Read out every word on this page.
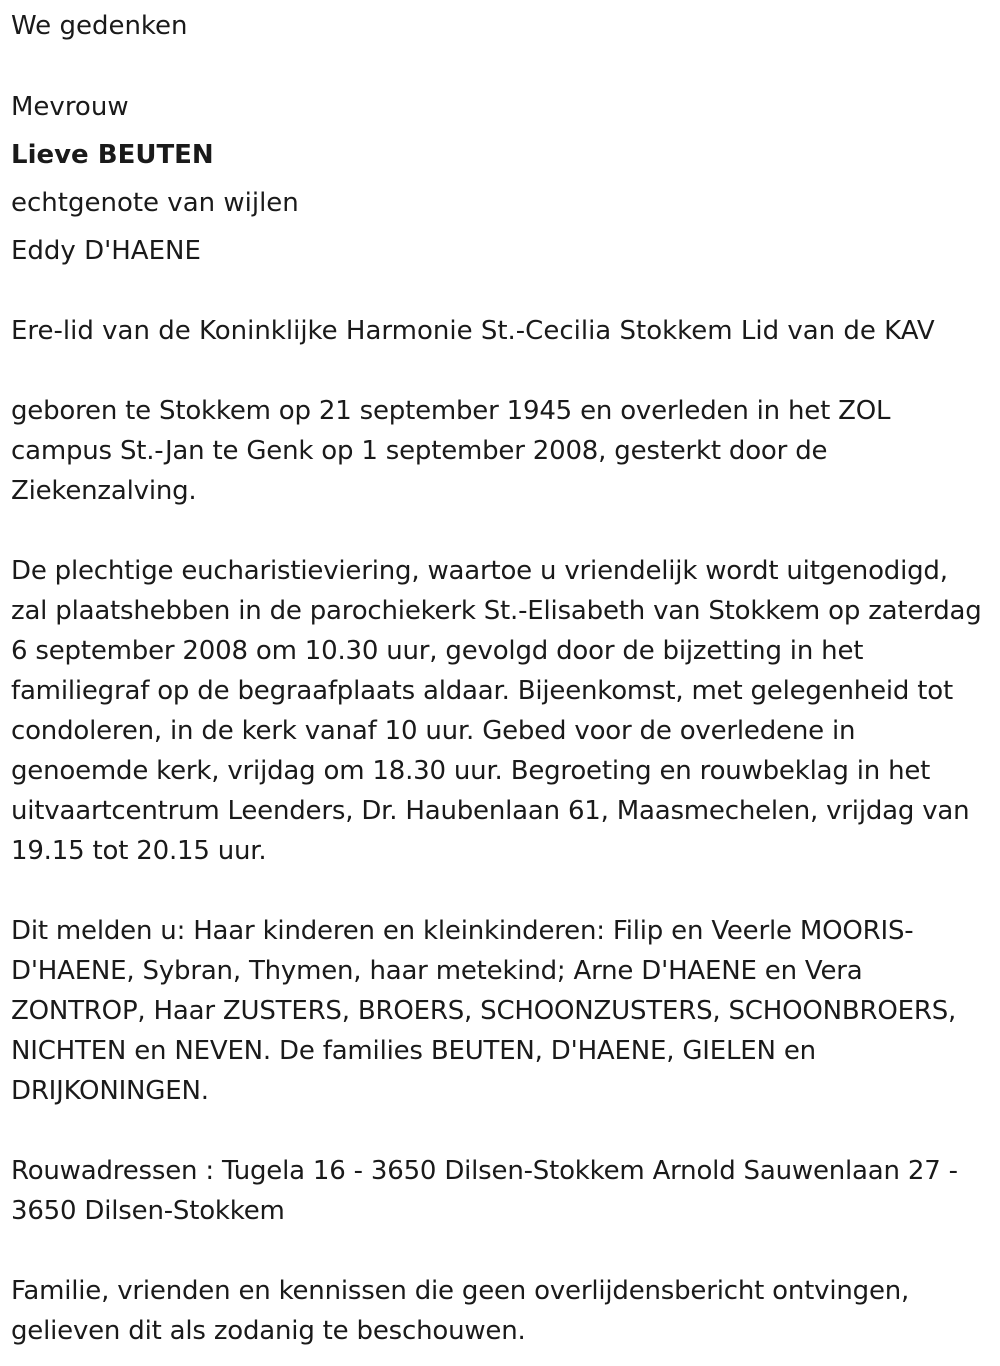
We gedenken

Mevrouw

Lieve BEUTEN

echtgenote van wijlen

Eddy D'HAENE

Ere-lid van de Koninklijke Harmonie St.-Cecilia Stokkem Lid van de KAV

geboren te Stokkem op 21 september 1945 en overleden in het ZOL campus St.-Jan te Genk op 1 september 2008, gesterkt door de Ziekenzalving.

De plechtige eucharistieviering, waartoe u vriendelijk wordt uitgenodigd, zal plaatshebben in de parochiekerk St.-Elisabeth van Stokkem op zaterdag 6 september 2008 om 10.30 uur, gevolgd door de bijzetting in het familiegraf op de begraafplaats aldaar. Bijeenkomst, met gelegenheid tot condoleren, in de kerk vanaf 10 uur. Gebed voor de overledene in genoemde kerk, vrijdag om 18.30 uur. Begroeting en rouwbeklag in het uitvaartcentrum Leenders, Dr. Haubenlaan 61, Maasmechelen, vrijdag van 19.15 tot 20.15 uur.

Dit melden u: Haar kinderen en kleinkinderen: Filip en Veerle MOORIS-D'HAENE, Sybran, Thymen, haar metekind; Arne D'HAENE en Vera ZONTROP, Haar ZUSTERS, BROERS, SCHOONZUSTERS, SCHOONBROERS, NICHTEN en NEVEN. De families BEUTEN, D'HAENE, GIELEN en DRIJKONINGEN.

Rouwadressen : Tugela 16 - 3650 Dilsen-Stokkem Arnold Sauwenlaan 27 - 3650 Dilsen-Stokkem

Familie, vrienden en kennissen die geen overlijdensbericht ontvingen, gelieven dit als zodanig te beschouwen.
